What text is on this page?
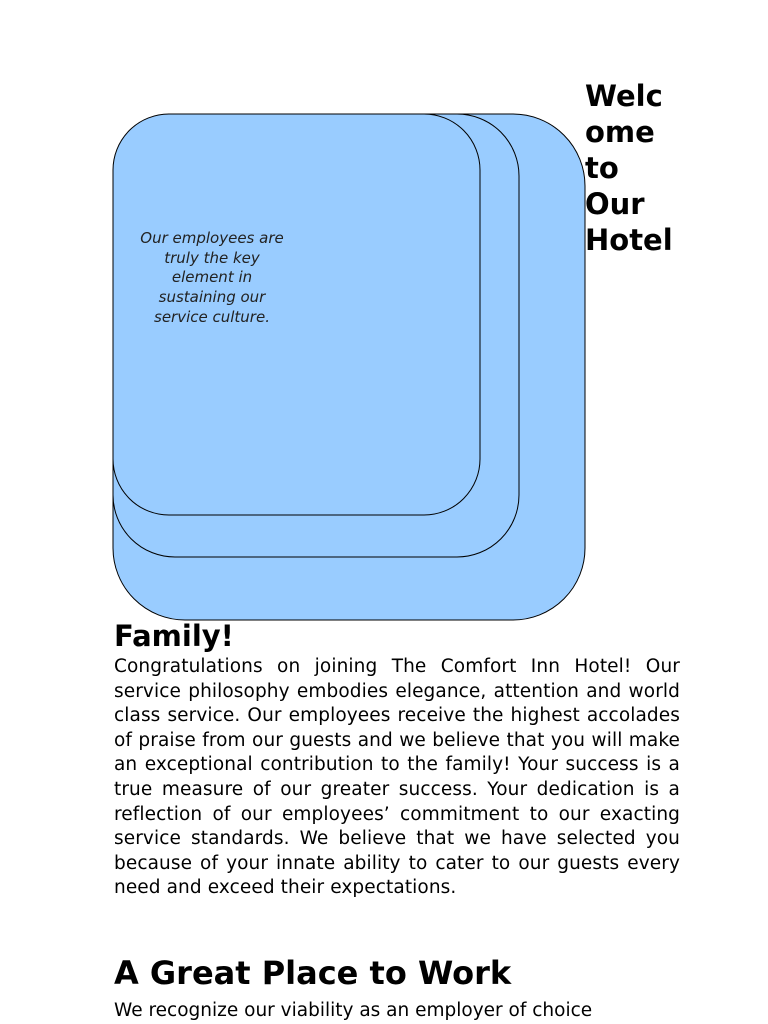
Our employees are truly the key element in sustaining our service culture.
Welc
ome
to
Our
Hotel
Family!

Congratulations on joining The Comfort Inn Hotel! Our service philosophy embodies elegance, attention and world class service. Our employees receive the highest accolades of praise from our guests and we believe that you will make an exceptional contribution to the family! Your success is a true measure of our greater success. Your dedication is a reflection of our employees’ commitment to our exacting service standards. We believe that we have selected you because of your innate ability to cater to our guests every need and exceed their expectations.

A Great Place to Work

We recognize our viability as an employer of choice
